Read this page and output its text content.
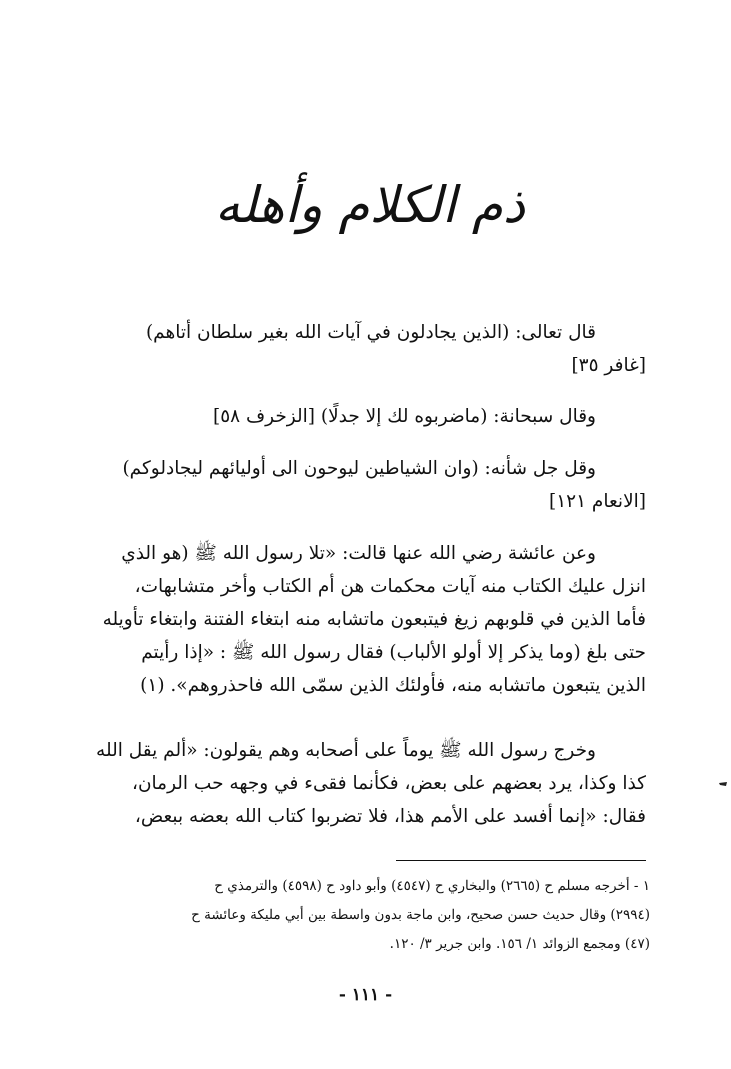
ذم الكلام وأهله
قال تعالى: (الذين يجادلون في آيات الله بغير سلطان أتاهم)
[غافر ٣٥]
وقال سبحانة: (ماضربوه لك إلا جدلًا) [الزخرف ٥٨]
وقل جل شأنه: (وان الشياطين ليوحون الى أوليائهم ليجادلوكم)
[الانعام ١٢١]
وعن عائشة رضي الله عنها قالت: «تلا رسول الله ﷺ (هو الذي
انزل عليك الكتاب منه آيات محكمات هن أم الكتاب وأخر متشابهات،
فأما الذين في قلوبهم زيغ فيتبعون ماتشابه منه ابتغاء الفتنة وابتغاء تأويله
حتى بلغ (وما يذكر إلا أولو الألباب) فقال رسول الله ﷺ : «إذا رأيتم
الذين يتبعون ماتشابه منه، فأولئك الذين سمّى الله فاحذروهم». (١)
وخرج رسول الله ﷺ يوماً على أصحابه وهم يقولون: «ألم يقل الله
كذا وكذا، يرد بعضهم على بعض، فكأنما فقىء في وجهه حب الرمان،
فقال: «إنما أفسد على الأمم هذا، فلا تضربوا كتاب الله بعضه ببعض،
١ - أخرجه مسلم ح (٢٦٦٥) والبخاري ح (٤٥٤٧) وأبو داود ح (٤٥٩٨) والترمذي ح
(٢٩٩٤) وقال حديث حسن صحيح، وابن ماجة بدون واسطة بين أبي مليكة وعائشة ح
(٤٧) ومجمع الزوائد ١/ ١٥٦. وابن جرير ٣/ ١٢٠.
- ١١١ -
